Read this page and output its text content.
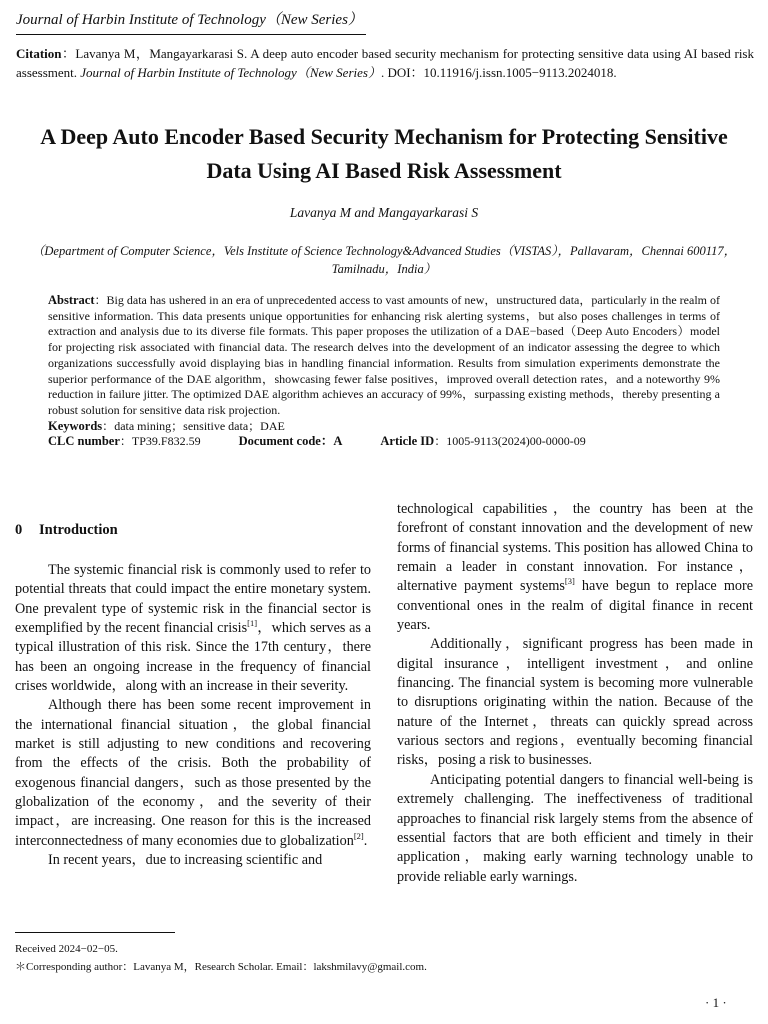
Journal of Harbin Institute of Technology（New Series）
Citation：Lavanya M，Mangayarkarasi S. A deep auto encoder based security mechanism for protecting sensitive data using AI based risk assessment. Journal of Harbin Institute of Technology（New Series）. DOI：10.11916/j.issn.1005−9113.2024018.
A Deep Auto Encoder Based Security Mechanism for Protecting Sensitive Data Using AI Based Risk Assessment
Lavanya M and Mangayarkarasi S
（Department of Computer Science，Vels Institute of Science Technology&Advanced Studies（VISTAS），Pallavaram，Chennai 600117，Tamilnadu，India）

Abstract：Big data has ushered in an era of unprecedented access to vast amounts of new，unstructured data，particularly in the realm of sensitive information. This data presents unique opportunities for enhancing risk alerting systems，but also poses challenges in terms of extraction and analysis due to its diverse file formats. This paper proposes the utilization of a DAE−based（Deep Auto Encoders）model for projecting risk associated with financial data. The research delves into the development of an indicator assessing the degree to which organizations successfully avoid displaying bias in handling financial information. Results from simulation experiments demonstrate the superior performance of the DAE algorithm，showcasing fewer false positives，improved overall detection rates，and a noteworthy 9% reduction in failure jitter. The optimized DAE algorithm achieves an accuracy of 99%，surpassing existing methods，thereby presenting a robust solution for sensitive data risk projection.

Keywords：data mining；sensitive data；DAE

CLC number：TP39.F832.59	Document code：A	Article ID：1005-9113(2024)00-0000-09
0 Introduction

The systemic financial risk is commonly used to refer to potential threats that could impact the entire monetary system. One prevalent type of systemic risk in the financial sector is exemplified by the recent financial crisis[1]，which serves as a typical illustration of this risk. Since the 17th century，there has been an ongoing increase in the frequency of financial crises worldwide，along with an increase in their severity.

Although there has been some recent improvement in the international financial situation，the global financial market is still adjusting to new conditions and recovering from the effects of the crisis. Both the probability of exogenous financial dangers，such as those presented by the globalization of the economy，and the severity of their impact，are increasing. One reason for this is the increased interconnectedness of many economies due to globalization[2].

In recent years，due to increasing scientific and

technological capabilities，the country has been at the forefront of constant innovation and the development of new forms of financial systems. This position has allowed China to remain a leader in constant innovation. For instance，alternative payment systems[3] have begun to replace more conventional ones in the realm of digital finance in recent years.

Additionally，significant progress has been made in digital insurance，intelligent investment，and online financing. The financial system is becoming more vulnerable to disruptions originating within the nation. Because of the nature of the Internet，threats can quickly spread across various sectors and regions，eventually becoming financial risks，posing a risk to businesses.

Anticipating potential dangers to financial well-being is extremely challenging. The ineffectiveness of traditional approaches to financial risk largely stems from the absence of essential factors that are both efficient and timely in their application，making early warning technology unable to provide reliable early warnings.

Received 2024−02−05.
＊Corresponding author：Lavanya M，Research Scholar. Email：lakshmilavy@gmail.com.
· 1 ·
